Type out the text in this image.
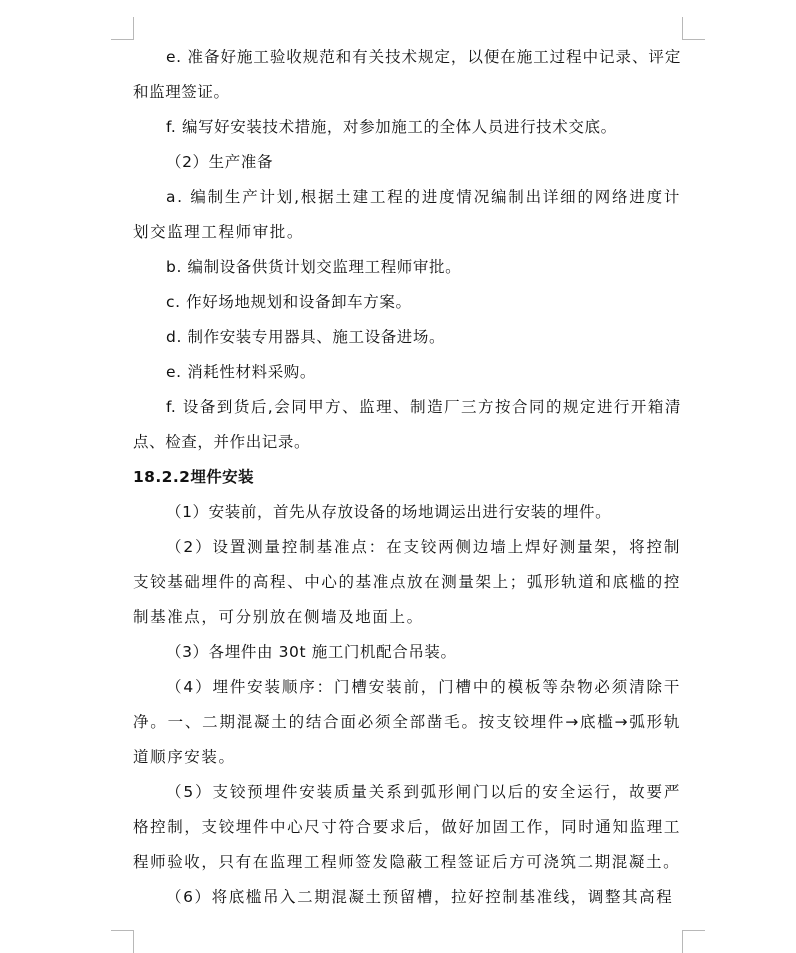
e. 准备好施工验收规范和有关技术规定，以便在施工过程中记录、评定和监理签证。

f. 编写好安装技术措施，对参加施工的全体人员进行技术交底。

（2）生产准备

a. 编制生产计划,根据土建工程的进度情况编制出详细的网络进度计划交监理工程师审批。

b. 编制设备供货计划交监理工程师审批。

c. 作好场地规划和设备卸车方案。

d. 制作安装专用器具、施工设备进场。

e. 消耗性材料采购。

f. 设备到货后,会同甲方、监理、制造厂三方按合同的规定进行开箱清点、检查，并作出记录。

18.2.2埋件安装

（1）安装前，首先从存放设备的场地调运出进行安装的埋件。

（2）设置测量控制基准点：在支铰两侧边墙上焊好测量架，将控制支铰基础埋件的高程、中心的基准点放在测量架上；弧形轨道和底槛的控制基准点，可分别放在侧墙及地面上。

（3）各埋件由 30t 施工门机配合吊装。

（4）埋件安装顺序：门槽安装前，门槽中的模板等杂物必须清除干净。一、二期混凝土的结合面必须全部凿毛。按支铰埋件→底槛→弧形轨道顺序安装。

（5）支铰预埋件安装质量关系到弧形闸门以后的安全运行，故要严格控制，支铰埋件中心尺寸符合要求后，做好加固工作，同时通知监理工程师验收，只有在监理工程师签发隐蔽工程签证后方可浇筑二期混凝土。

（6）将底槛吊入二期混凝土预留槽，拉好控制基准线，调整其高程
